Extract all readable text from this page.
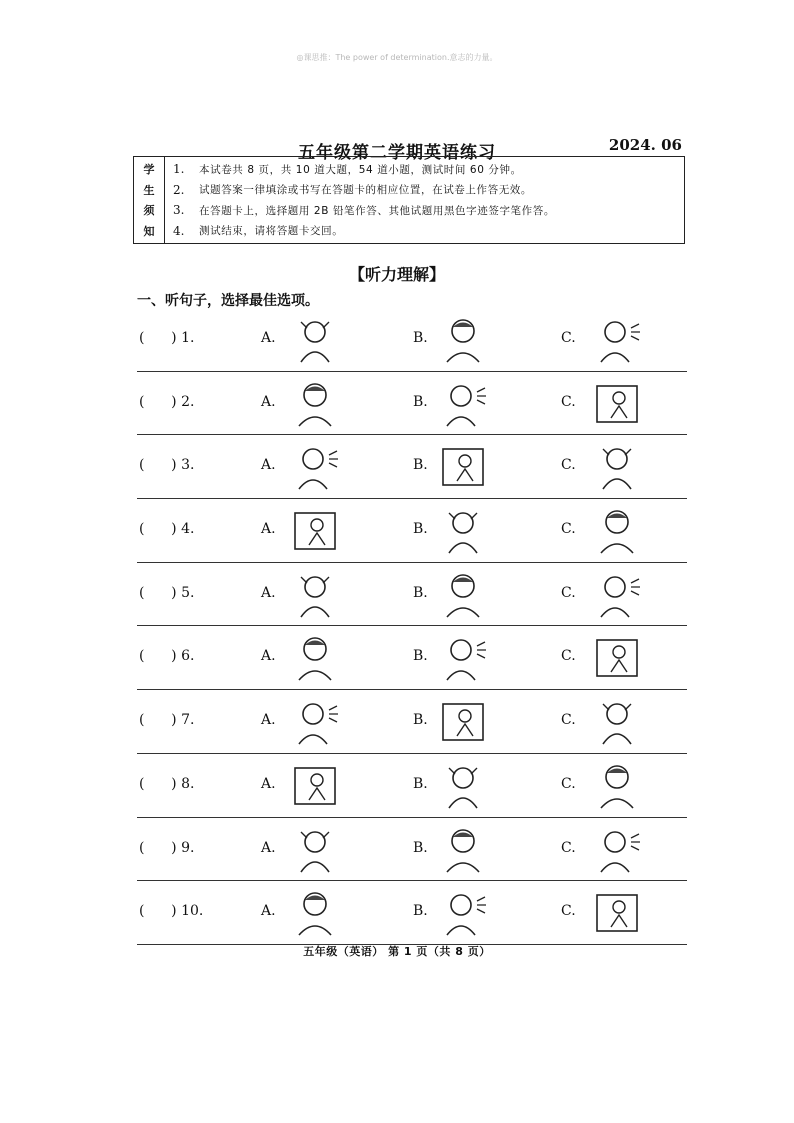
◎课思推：The power of determination.意志的力量。
五年级第二学期英语练习	2024. 06
学
生
须
知
1.	本试卷共 8 页，共 10 道大题，54 道小题，测试时间 60 分钟。
2.	试题答案一律填涂或书写在答题卡的相应位置，在试卷上作答无效。
3.	在答题卡上，选择题用 2B 铅笔作答、其他试题用黑色字迹签字笔作答。
4.	测试结束，请将答题卡交回。
【听力理解】
一、听句子，选择最佳选项。
(      ) 1.	A.	B.	C.
(      ) 2.	A.	B.	C.
(      ) 3.	A.	B.	C.
(      ) 4.	A.	B.	C.
(      ) 5.	A.	B.	C.
(      ) 6.	A.	B.	C.
(      ) 7.	A.	B.	C.
(      ) 8.	A.	B.	C.
(      ) 9.	A.	B.	C.
(      ) 10.	A.	B.	C.
五年级（英语） 第 1 页（共 8 页）
